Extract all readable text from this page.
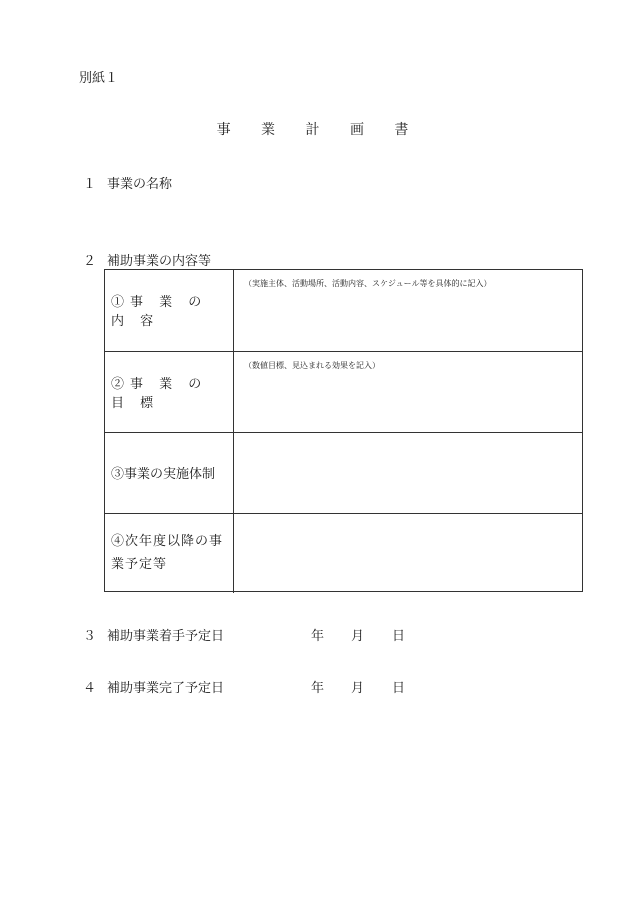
別紙１
事 業 計 画 書
１ 事業の名称
２ 補助事業の内容等
①事 業 の 内 容	（実施主体、活動場所、活動内容、スケジュール等を具体的に記入）

②事 業 の 目 標	（数値目標、見込まれる効果を記入）

③事業の実施体制	

④次年度以降の事業予定等	

３ 補助事業着手予定日	年 月 日
４ 補助事業完了予定日	年 月 日
